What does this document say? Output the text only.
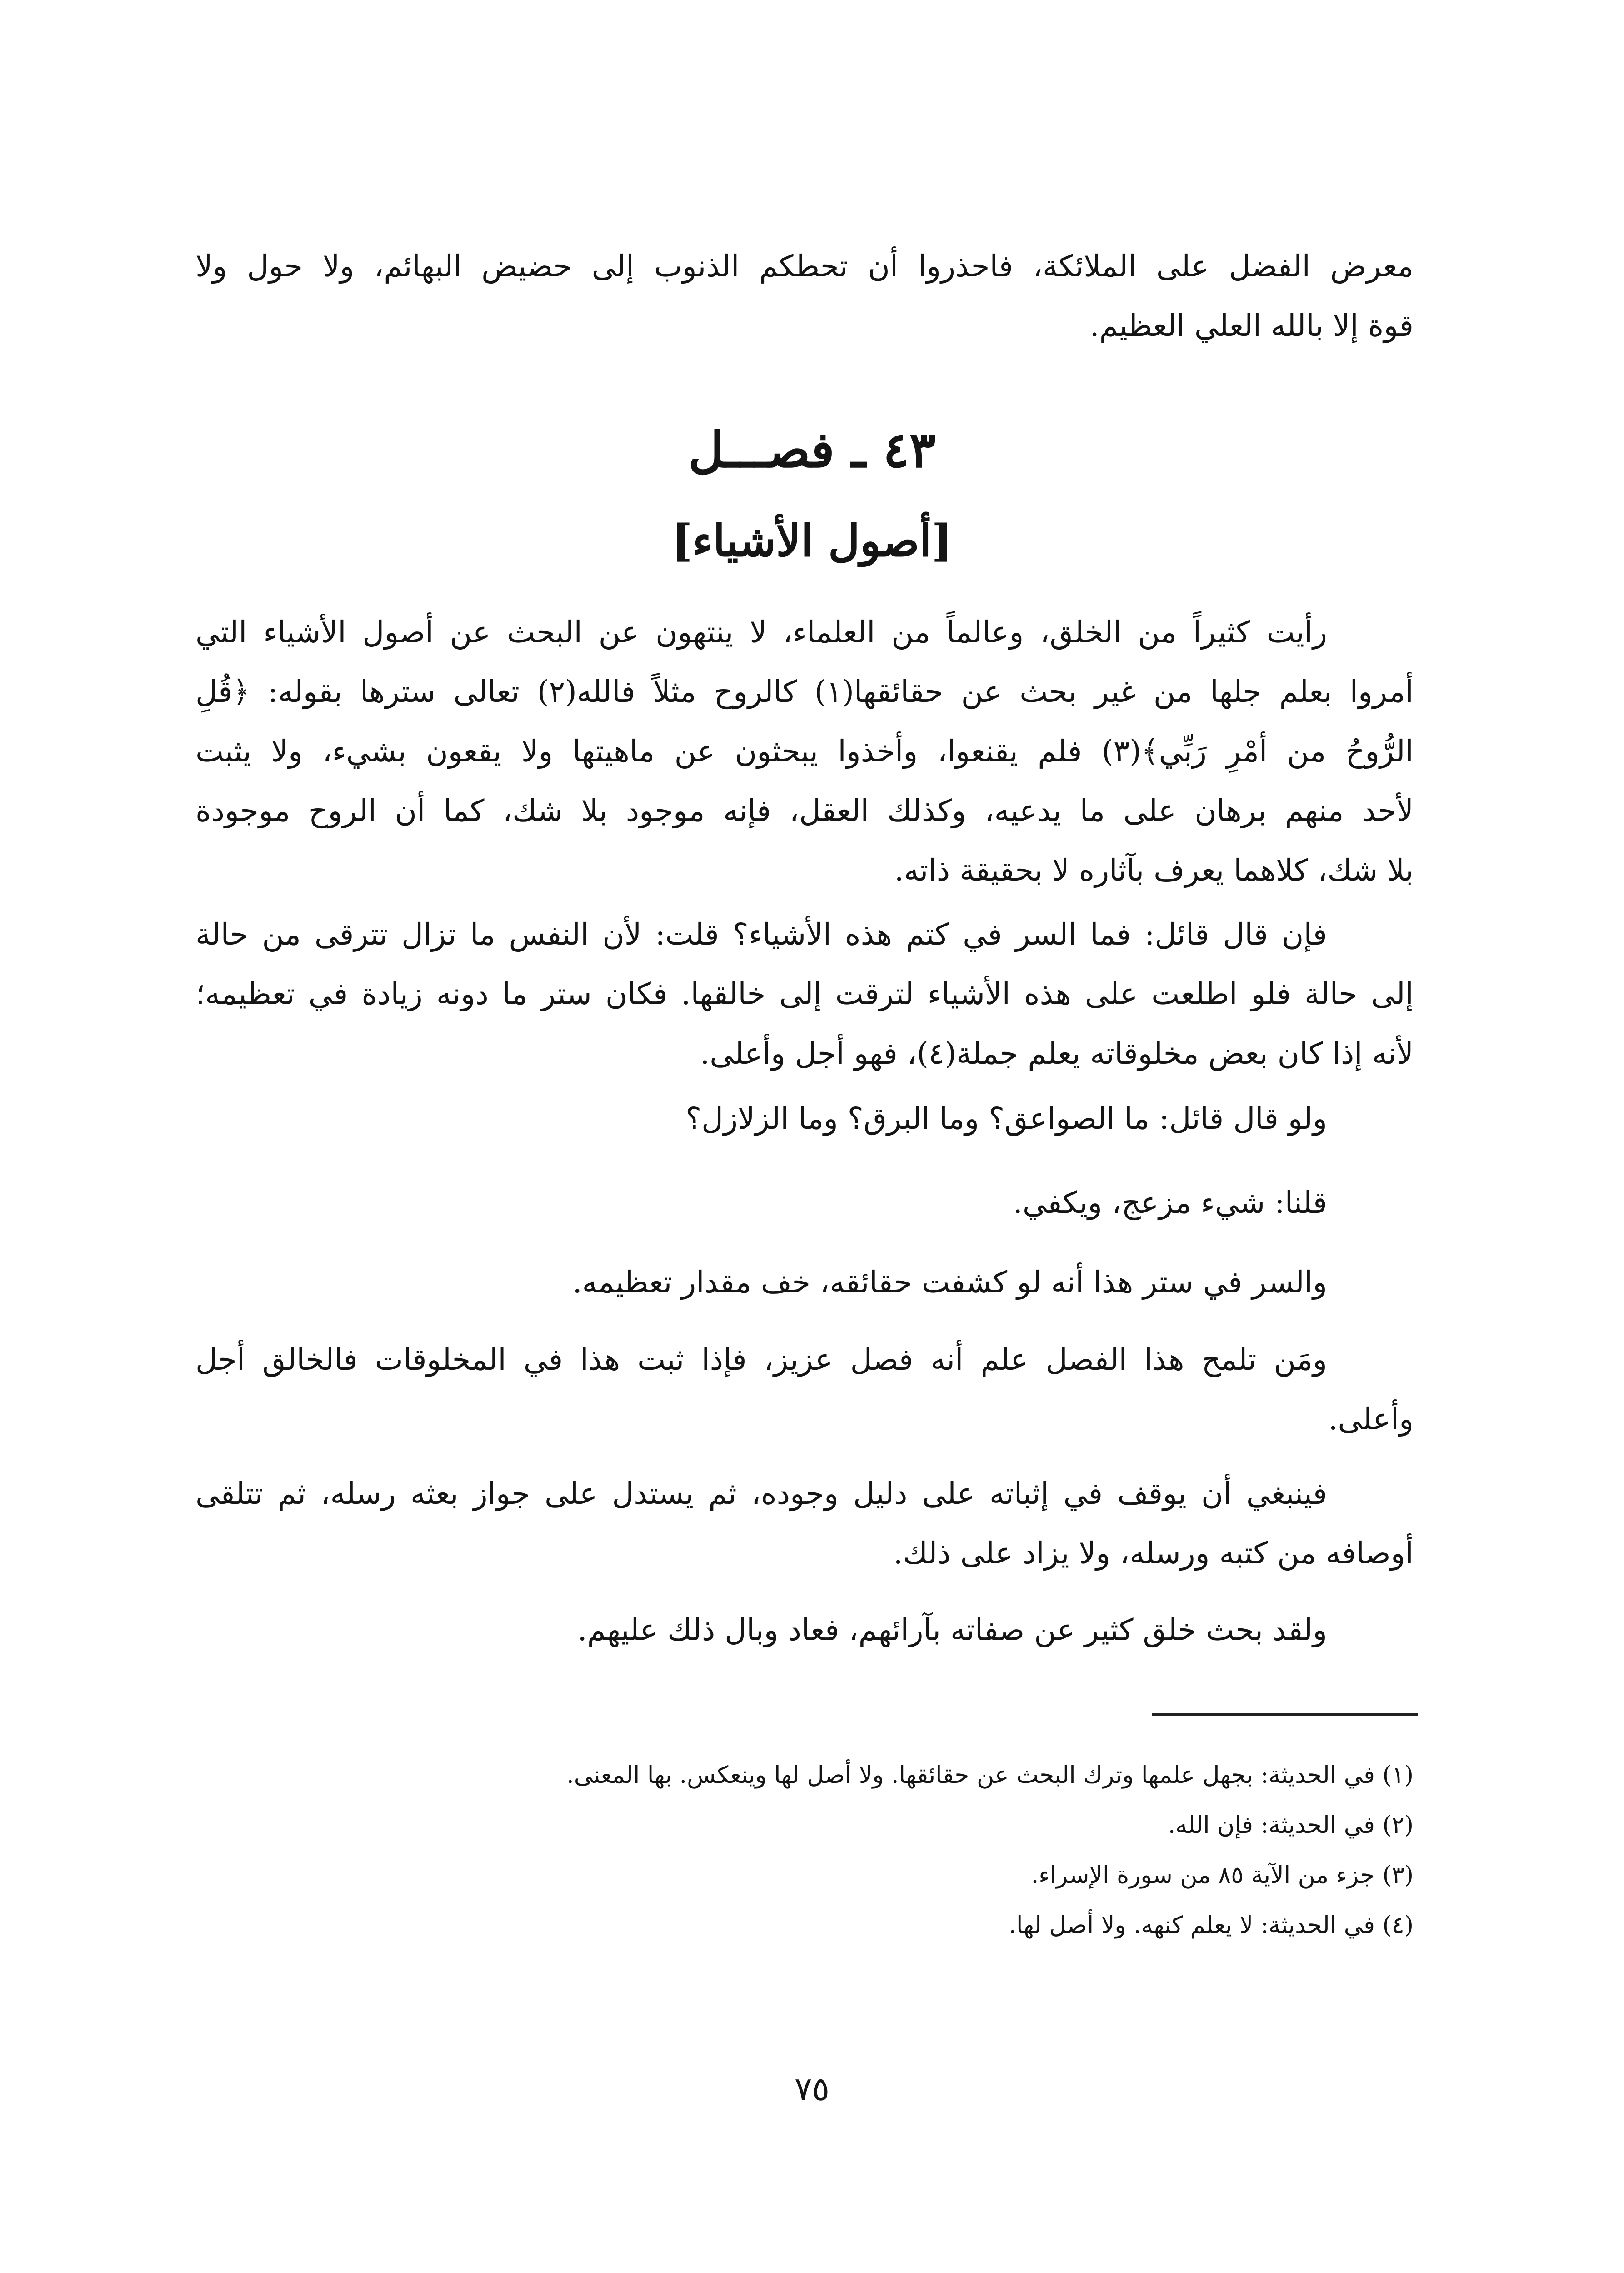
معرض الفضل على الملائكة، فاحذروا أن تحطكم الذنوب إلى حضيض البهائم، ولا حول ولا
قوة إلا بالله العلي العظيم.
٤٣ ـ فصـــل
[أصول الأشياء]
رأيت كثيراً من الخلق، وعالماً من العلماء، لا ينتهون عن البحث عن أصول الأشياء التي
أمروا بعلم جلها من غير بحث عن حقائقها(١) كالروح مثلاً فالله(٢) تعالى سترها بقوله: ﴿قُلِ
الرُّوحُ من أمْرِ رَبِّي﴾(٣) فلم يقنعوا، وأخذوا يبحثون عن ماهيتها ولا يقعون بشيء، ولا يثبت
لأحد منهم برهان على ما يدعيه، وكذلك العقل، فإنه موجود بلا شك، كما أن الروح موجودة
بلا شك، كلاهما يعرف بآثاره لا بحقيقة ذاته.
فإن قال قائل: فما السر في كتم هذه الأشياء؟ قلت: لأن النفس ما تزال تترقى من حالة
إلى حالة فلو اطلعت على هذه الأشياء لترقت إلى خالقها. فكان ستر ما دونه زيادة في تعظيمه؛
لأنه إذا كان بعض مخلوقاته يعلم جملة(٤)، فهو أجل وأعلى.
ولو قال قائل: ما الصواعق؟ وما البرق؟ وما الزلازل؟
قلنا: شيء مزعج، ويكفي.
والسر في ستر هذا أنه لو كشفت حقائقه، خف مقدار تعظيمه.
ومَن تلمح هذا الفصل علم أنه فصل عزيز، فإذا ثبت هذا في المخلوقات فالخالق أجل
وأعلى.
فينبغي أن يوقف في إثباته على دليل وجوده، ثم يستدل على جواز بعثه رسله، ثم تتلقى
أوصافه من كتبه ورسله، ولا يزاد على ذلك.
ولقد بحث خلق كثير عن صفاته بآرائهم، فعاد وبال ذلك عليهم.
(١) في الحديثة: بجهل علمها وترك البحث عن حقائقها. ولا أصل لها وينعكس. بها المعنى.
(٢) في الحديثة: فإن الله.
(٣) جزء من الآية ٨٥ من سورة الإسراء.
(٤) في الحديثة: لا يعلم كنهه. ولا أصل لها.
٧٥
